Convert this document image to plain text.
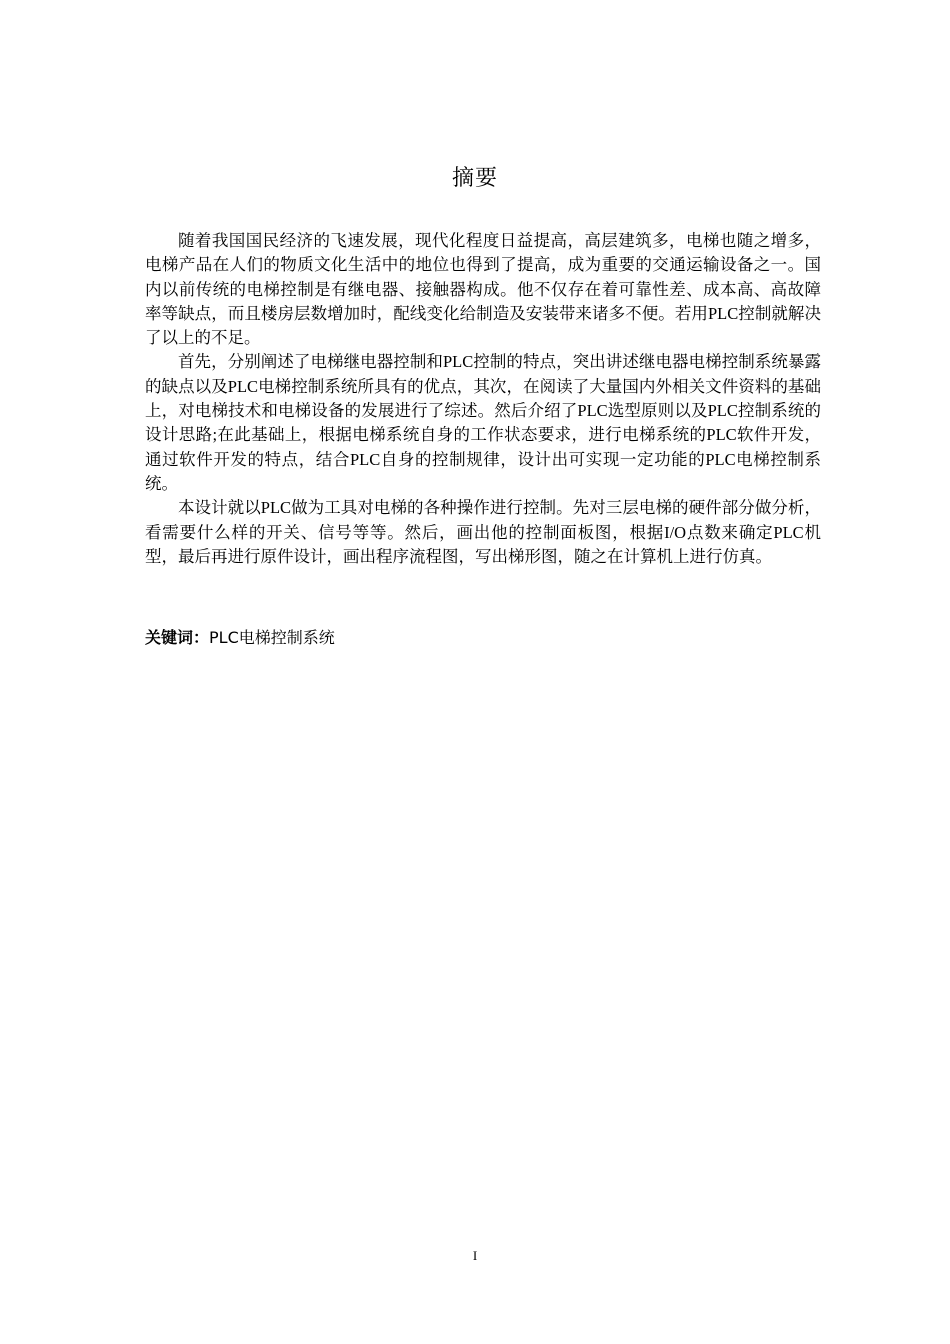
摘要

随着我国国民经济的飞速发展，现代化程度日益提高，高层建筑多，电梯也随之增多，电梯产品在人们的物质文化生活中的地位也得到了提高，成为重要的交通运输设备之一。国内以前传统的电梯控制是有继电器、接触器构成。他不仅存在着可靠性差、成本高、高故障率等缺点，而且楼房层数增加时，配线变化给制造及安装带来诸多不便。若用PLC控制就解决了以上的不足。

首先，分别阐述了电梯继电器控制和PLC控制的特点，突出讲述继电器电梯控制系统暴露的缺点以及PLC电梯控制系统所具有的优点，其次，在阅读了大量国内外相关文件资料的基础上，对电梯技术和电梯设备的发展进行了综述。然后介绍了PLC选型原则以及PLC控制系统的设计思路;在此基础上，根据电梯系统自身的工作状态要求，进行电梯系统的PLC软件开发，通过软件开发的特点，结合PLC自身的控制规律，设计出可实现一定功能的PLC电梯控制系统。

本设计就以PLC做为工具对电梯的各种操作进行控制。先对三层电梯的硬件部分做分析，看需要什么样的开关、信号等等。然后，画出他的控制面板图，根据I/O点数来确定PLC机型，最后再进行原件设计，画出程序流程图，写出梯形图，随之在计算机上进行仿真。

关键词：PLC电梯控制系统
I
